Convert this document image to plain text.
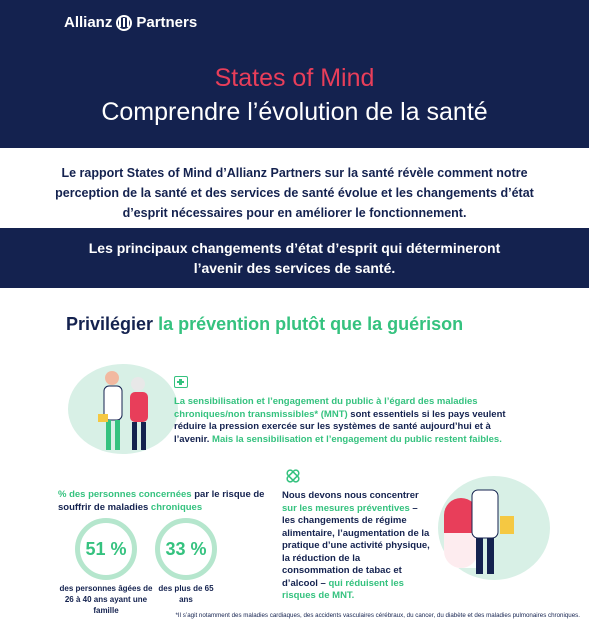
Allianz Partners
States of Mind
Comprendre l’évolution de la santé

Le rapport States of Mind d’Allianz Partners sur la santé révèle comment notre perception de la santé et des services de santé évolue et les changements d’état d’esprit nécessaires pour en améliorer le fonctionnement.

Les principaux changements d’état d’esprit qui détermineront
l’avenir des services de santé.
Privilégier la prévention plutôt que la guérison

La sensibilisation et l’engagement du public à l’égard des maladies chroniques/non transmissibles* (MNT) sont essentiels si les pays veulent réduire la pression exercée sur les systèmes de santé aujourd’hui et à l’avenir. Mais la sensibilisation et l’engagement du public restent faibles.

% des personnes concernées par le risque de souffrir de maladies chroniques

51 %	33 %
des personnes âgées de 26 à 40 ans ayant une famille
des plus de 65 ans

Nous devons nous concentrer sur les mesures préventives – les changements de régime alimentaire, l’augmentation de la pratique d’une activité physique, la réduction de la consommation de tabac et d’alcool – qui réduisent les risques de MNT.

*Il s’agit notamment des maladies cardiaques, des accidents vasculaires cérébraux, du cancer, du diabète et des maladies pulmonaires chroniques.
